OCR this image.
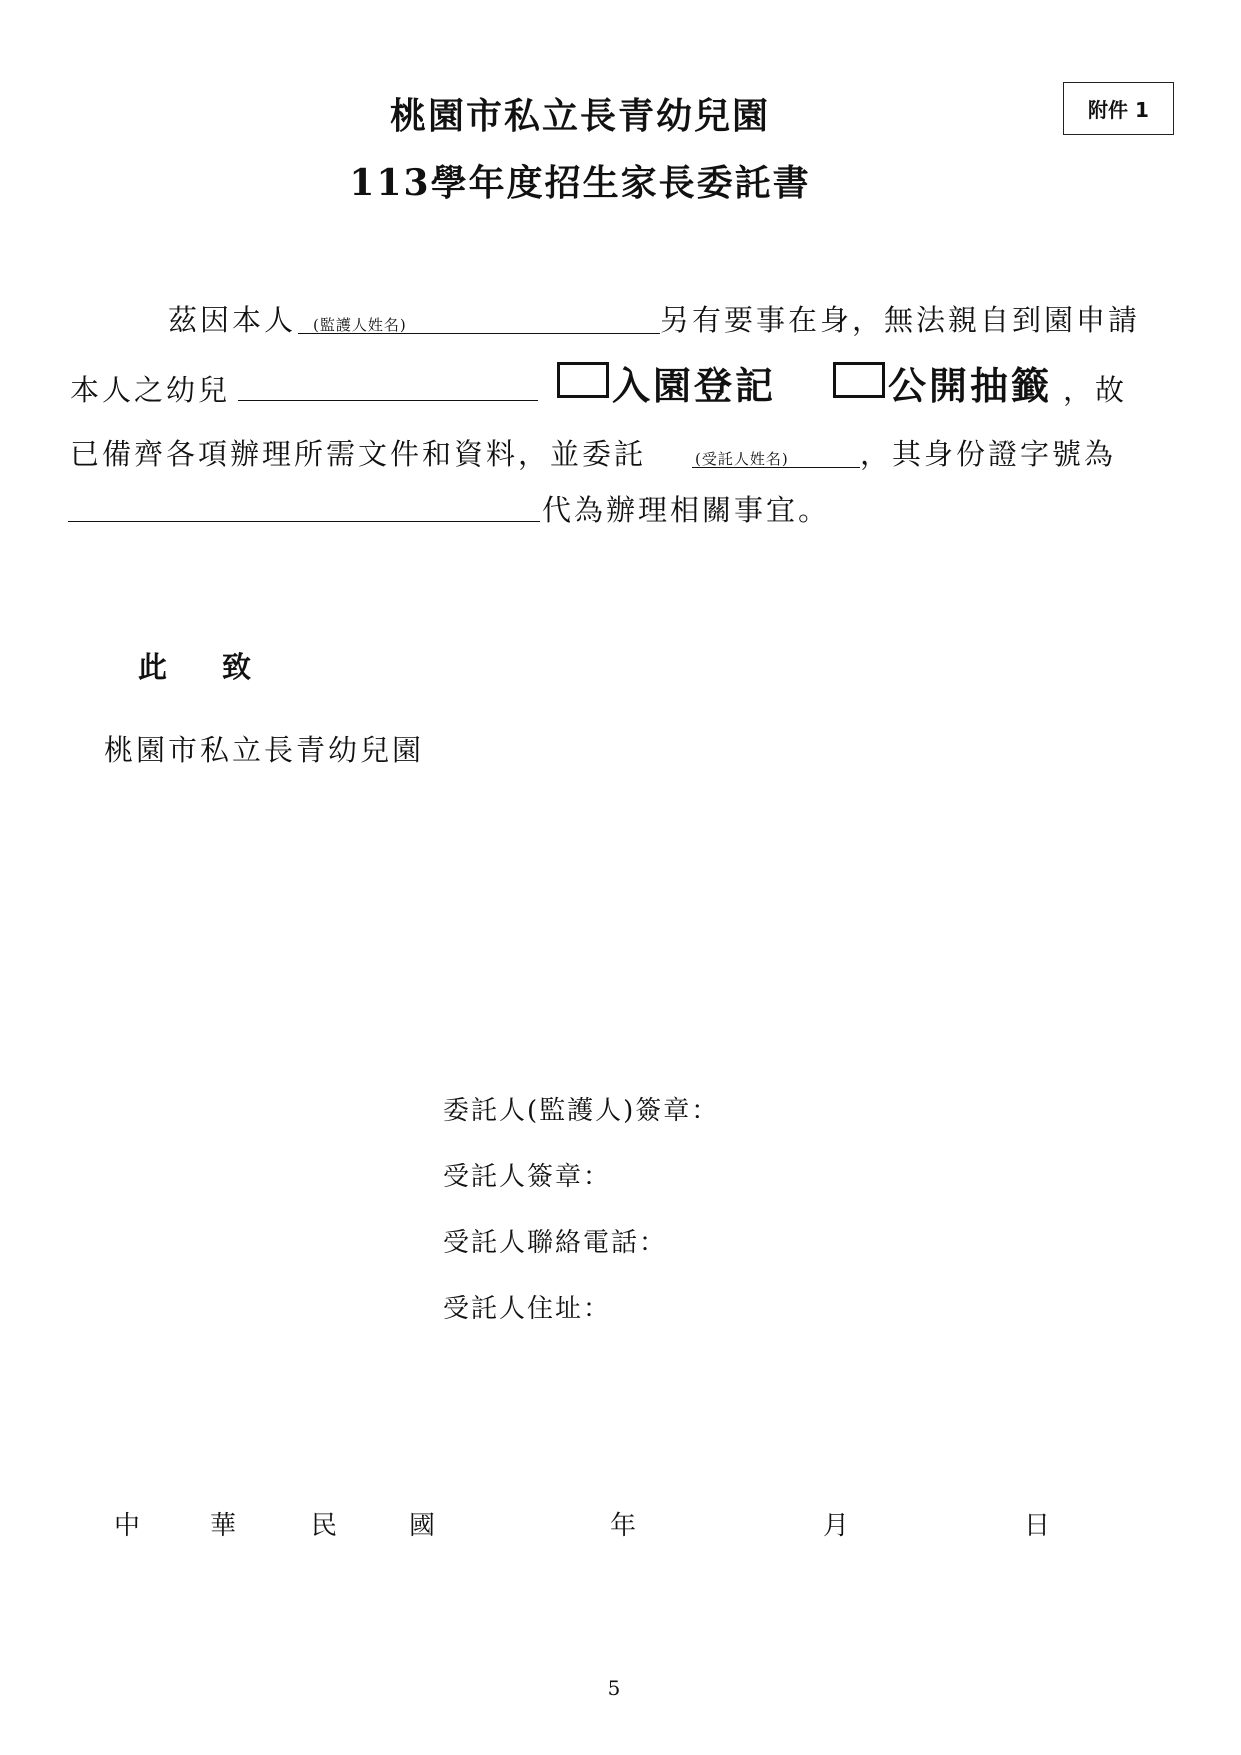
桃園市私立長青幼兒園
113學年度招生家長委託書
附件 1
茲因本人 (監護人姓名)	另有要事在身，無法親自到園申請
本人之幼兒	入園登記	公開抽籤 ，故
已備齊各項辦理所需文件和資料，並委託	(受託人姓名) ，其身份證字號為
代為辦理相關事宜。
此 致
桃園市私立長青幼兒園
委託人(監護人)簽章：
受託人簽章：
受託人聯絡電話：
受託人住址：
中	華	民	國	年	月	日
5
